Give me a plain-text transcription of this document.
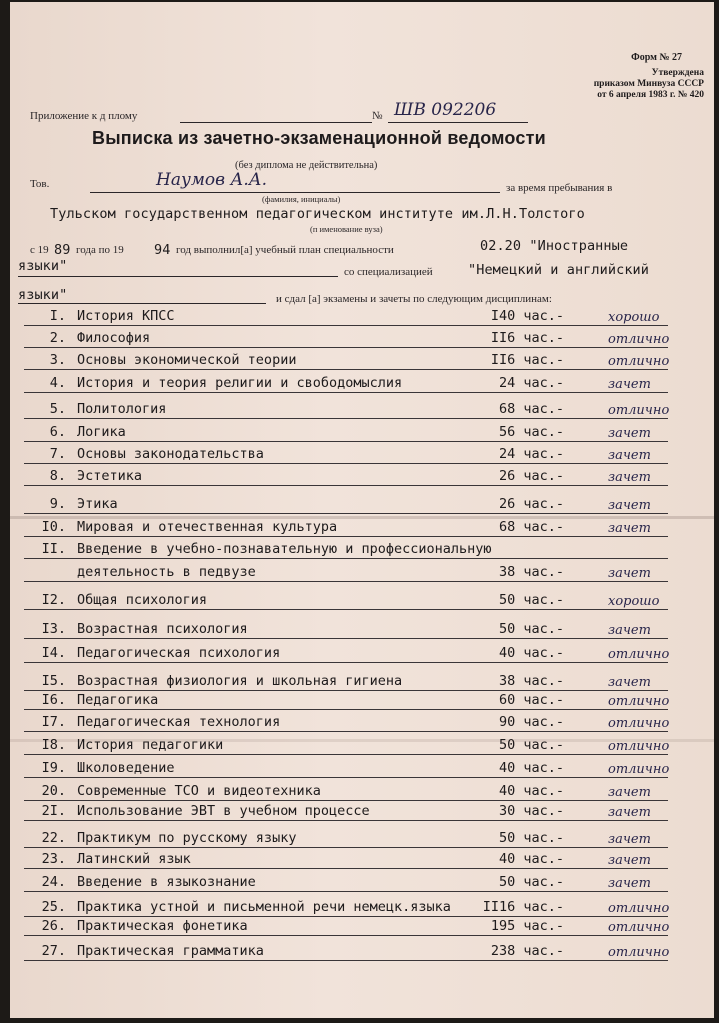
Форм № 27
Утверждена
приказом Минвуза СССР
от 6 апреля 1983 г. № 420
Приложение к д плому	№ ШВ 092206
Выписка из зачетно-экзаменационной ведомости
(без диплома не действительна)
Тов.	Наумов А.А.
(фамилия, инициалы)
за время пребывания в
(п именование вуза)
Тульском государственном педагогическом институте им.Л.Н.Толстого
с 19 89 года по 19 94 год выполнил[а] учебный план специальности	02.20 "Иностранные
языки"	со специализацией	"Немецкий и английский
языки"	и сдал [а] экзамены и зачеты по следующим дисциплинам:
I. История КПСС	I40 час.-	хорошо
2. Философия	II6 час.-	отлично
3. Основы экономической теории	II6 час.-	отлично
4. История и теория религии и свободомыслия	24 час.-	зачет
5. Политология	68 час.-	отлично
6. Логика	56 час.-	зачет
7. Основы законодательства	24 час.-	зачет
8. Эстетика	26 час.-	зачет
9. Этика	26 час.-	зачет
I0. Мировая и отечественная культура	68 час.-	зачет
II. Введение в учебно-познавательную и профессиональную
деятельность в педвузе	38 час.-	зачет
I2. Общая психология	50 час.-	хорошо
I3. Возрастная психология	50 час.-	зачет
I4. Педагогическая психология	40 час.-	отлично
I5. Возрастная физиология и школьная гигиена	38 час.-	зачет
I6. Педагогика	60 час.-	отлично
I7. Педагогическая технология	90 час.-	отлично
I8. История педагогики	50 час.-	отлично
I9. Школоведение	40 час.-	отлично
20. Современные ТСО и видеотехника	40 час.-	зачет
2I. Использование ЭВТ в учебном процессе	30 час.-	зачет
22. Практикум по русскому языку	50 час.-	зачет
23. Латинский язык	40 час.-	зачет
24. Введение в языкознание	50 час.-	зачет
25. Практика устной и письменной речи немецк.языка II16 час.-	отлично
26. Практическая фонетика	195 час.-	отлично
27. Практическая грамматика	238 час.-	отлично
